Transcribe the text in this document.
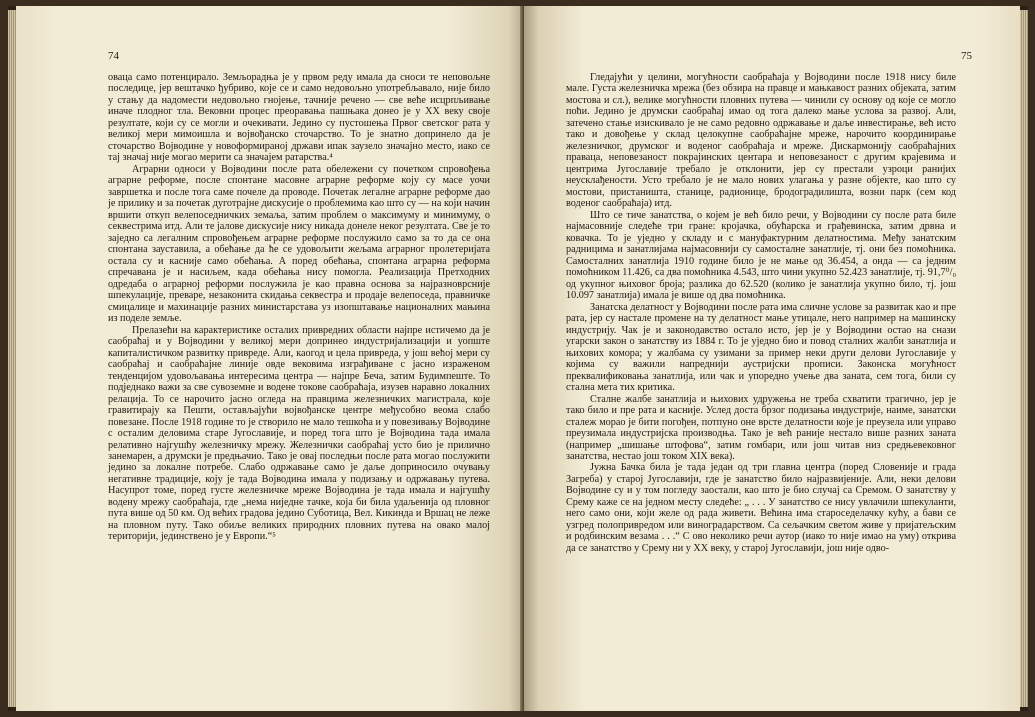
74

оваца само потенцирало. Земљорадња је у првом реду имала да сноси те неповољне последице, јер вештачко ђубриво, које се и само недовољно употребљавало, није било у стању да надомести недовољно гнојење, тачније речено — све веће исцрпљивање иначе плодног тла. Вековни процес преоравања пашњака донео је у XX веку своје резултате, који су се могли и очекивати. Једино су пустошења Првог светског рата у великој мери мимоишла и војвођанско сточарство. То је знатно допринело да је сточарство Војводине у новоформираној држави ипак заузело значајно место, иако се тај значај није могао мерити са значајем ратарства.⁴

Аграрни односи у Војводини после рата обележени су почетком спровођења аграрне реформе, после спонтане масовне аграрне реформе коју су масе уочи завршетка и после тога саме почеле да проводе. Почетак легалне аграрне реформе дао је прилику и за почетак дуготрајне дискусије о проблемима као што су — на који начин вршити откуп велепоседничких земаља, затим проблем о максимуму и минимуму, о секвестрима итд. Али те јалове дискусије нису никада донеле неког резултата. Све је то заједно са легалним спровођењем аграрне реформе послужило само за то да се она спонтана зауставила, а обећање да ће се удовољити жељама аграрног пролетеријата остала су и касније само обећања. А поред обећања, спонтана аграрна реформа спречавана је и насиљем, када обећања нису помогла. Реализација Претходних одредаба о аграрној реформи послужила је као правна основа за најразноврсније шпекулације, преваре, незаконита скидања секвестра и продаје велепоседа, правничке смицалице и махинације разних министарстава уз изопштавање националних мањина из поделе земље.

Прелазећи на карактеристике осталих привредних области најпре истичемо да је саобраћај и у Војводини у великој мери допринео индустријализацији и уопште капиталистичком развитку привреде. Али, каогод и цела привреда, у још већој мери су саобраћај и саобраћајне линије овде вековима изграђиване с јасно израженом тенденцијом удовољавања интересима центра — најпре Беча, затим Будимпеште. То подједнако важи за све сувоземне и водене токове саобраћаја, изузев наравно локалних релација. То се нарочито јасно огледа на правцима железничких магистрала, које гравитирају ка Пешти, остављајући војвођанске центре међусобно веома слабо повезане. После 1918 године то је створило не мало тешкоћа и у повезивању Војводине с осталим деловима старе Југославије, и поред тога што је Војводина тада имала релативно најгушћу железничку мрежу. Железнички саобраћај усто био је прилично занемарен, а друмски је предњачио. Тако је овај последњи после рата могао послужити једино за локалне потребе. Слабо одржавање само је даље доприносило очувању негативне традиције, коју је тада Војводина имала у подизању и одржавању путева. Насупрот томе, поред густе железничке мреже Војводина је тада имала и најгушћу водену мрежу саобраћаја, где „нема ниједне тачке, која би била удаљенија од пловног пута више од 50 км. Од већих градова једино Суботица, Вел. Кикинда и Вршац не леже на пловном путу. Тако обиље великих природних пловних путева на овако малој територији, јединствено је у Европи.“⁵

75

Гледајући у целини, могућности саобраћаја у Војводини после 1918 нису биле мале. Густа железничка мрежа (без обзира на правце и мањкавост разних објеката, затим мостова и сл.), велике могућности пловних путева — чинили су основу од које се могло поћи. Једино је друмски саобраћај имао од тога далеко мање услова за развој. Али, затечено стање изискивало је не само редовно одржавање и даље инвестирање, већ исто тако и довођење у склад целокупне саобраћајне мреже, нарочито координирање железничког, друмског и воденог саобраћаја и мреже. Дискармонију саобраћајних праваца, неповезаност покрајинских центара и неповезаност с другим крајевима и центрима Југославије требало је отклонити, јер су престали узроци ранијих неусклађености. Усто требало је не мало нових улагања у разне објекте, као што су мостови, пристаништа, станице, радионице, бродоградилишта, возни парк (сем код воденог саобраћаја) итд.

Што се тиче занатства, о којем је већ било речи, у Војводини су после рата биле најмасовније следеће три гране: кројачка, обућарска и грађевинска, затим дрвна и ковачка. То је уједно у складу и с мануфактурним делатностима. Међу занатским радницима и занатлијама најмасовнији су самосталне занатлије, тј. они без помоћника. Самосталних занатлија 1910 године било је не мање од 36.454, а онда — са једним помоћником 11.426, са два помоћника 4.543, што чини укупно 52.423 занатлије, тј. 91,7⁰/₀ од укупног њиховог броја; разлика до 62.520 (колико је занатлија укупно било, тј. још 10.097 занатлија) имала је више од два помоћника.

Занатска делатност у Војводини после рата има сличне услове за развитак као и пре рата, јер су настале промене на ту делатност мање утицале, него например на машинску индустрију. Чак је и законодавство остало исто, јер је у Војводини остао на снази угарски закон о занатству из 1884 г. То је уједно био и повод сталних жалби занатлија и њихових комора; у жалбама су узимани за пример неки други делови Југославије у којима су важили напреднији аустријски прописи. Законска могућност преквалификовања занатлија, или чак и упоредно учење два заната, сем тога, били су стална мета тих критика.

Сталне жалбе занатлија и њихових удружења не треба схватити трагично, јер је тако било и пре рата и касније. Услед доста брзог подизања индустрије, наиме, занатски сталеж морао је бити погођен, потпуно оне врсте делатности које је преузела или управо преузимала индустријска производња. Тако је већ раније нестало више разних заната (например „шишање штофова“, затим гомбари, или још читав низ средњевековног занатства, нестао још током XIX века).

Јужна Бачка била је тада један од три главна центра (поред Словеније и града Загреба) у старој Југославији, где је занатство било најразвијеније. Али, неки делови Војводине су и у том погледу заостали, као што је био случај са Сремом. О занатству у Срему каже се на једном месту следеће: „ . . . У занатство се нису увлачили шпекуланти, него само они, који желе од рада живети. Већина има староседелачку кућу, а бави се узгред полопривредом или виноградарством. Са сељачким светом живе у пријатељским и родбинским везама . . .“ С ово неколико речи аутор (иако то није имао на уму) открива да се занатство у Срему ни у XX веку, у старој Југославији, још није одво-
